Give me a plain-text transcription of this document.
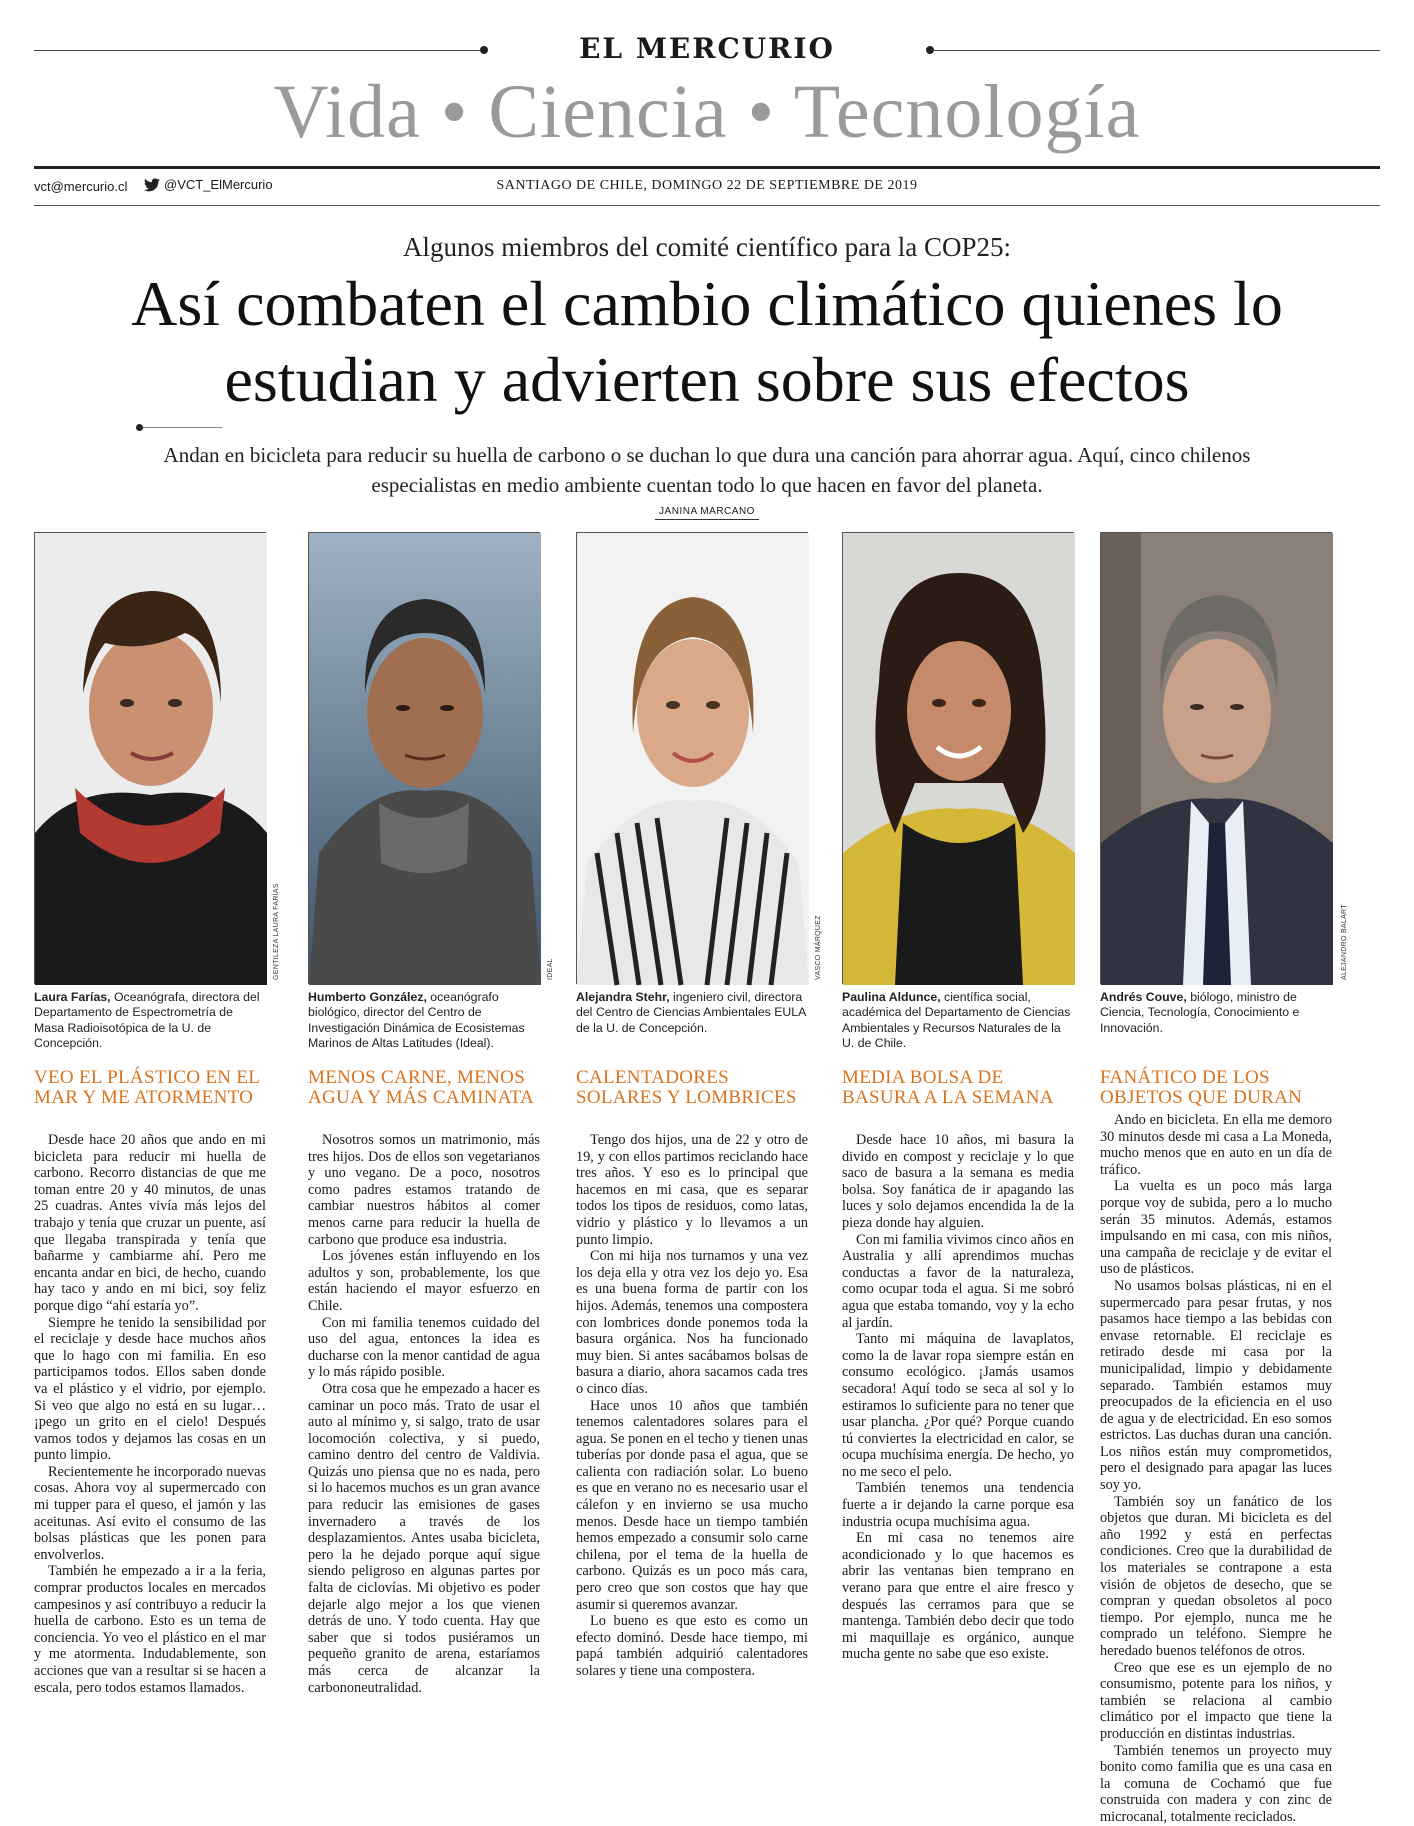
EL MERCURIO
Vida • Ciencia • Tecnología
vct@mercurio.cl	@VCT_ElMercurio	SANTIAGO DE CHILE, DOMINGO 22 DE SEPTIEMBRE DE 2019
Algunos miembros del comité científico para la COP25:
Así combaten el cambio climático quienes lo estudian y advierten sobre sus efectos
Andan en bicicleta para reducir su huella de carbono o se duchan lo que dura una canción para ahorrar agua. Aquí, cinco chilenos especialistas en medio ambiente cuentan todo lo que hacen en favor del planeta.
JANINA MARCANO
GENTILEZA LAURA FARÍAS	IDEAL	VASCO MÁRQUEZ	ALEJANDRO BALART
Laura Farías, Oceanógrafa, directora del Departamento de Espectrometría de Masa Radioisotópica de la U. de Concepción.
Humberto González, oceanógrafo biológico, director del Centro de Investigación Dinámica de Ecosistemas Marinos de Altas Latitudes (Ideal).
Alejandra Stehr, ingeniero civil, directora del Centro de Ciencias Ambientales EULA de la U. de Concepción.
Paulina Aldunce, científica social, académica del Departamento de Ciencias Ambientales y Recursos Naturales de la U. de Chile.
Andrés Couve, biólogo, ministro de Ciencia, Tecnología, Conocimiento e Innovación.
VEO EL PLÁSTICO EN EL MAR Y ME ATORMENTO
MENOS CARNE, MENOS AGUA Y MÁS CAMINATA
CALENTADORES SOLARES Y LOMBRICES
MEDIA BOLSA DE BASURA A LA SEMANA
FANÁTICO DE LOS OBJETOS QUE DURAN

Desde hace 20 años que ando en mi bicicleta para reducir mi huella de carbono. Recorro distancias de que me toman entre 20 y 40 minutos, de unas 25 cuadras. Antes vivía más lejos del trabajo y tenía que cruzar un puente, así que llegaba transpirada y tenía que bañarme y cambiarme ahí. Pero me encanta andar en bici, de hecho, cuando hay taco y ando en mi bici, soy feliz porque digo “ahí estaría yo”.

Siempre he tenido la sensibilidad por el reciclaje y desde hace muchos años que lo hago con mi familia. En eso participamos todos. Ellos saben donde va el plástico y el vidrio, por ejemplo. Si veo que algo no está en su lugar… ¡pego un grito en el cielo! Después vamos todos y dejamos las cosas en un punto limpio.

Recientemente he incorporado nuevas cosas. Ahora voy al supermercado con mi tupper para el queso, el jamón y las aceitunas. Así evito el consumo de las bolsas plásticas que les ponen para envolverlos.

También he empezado a ir a la feria, comprar productos locales en mercados campesinos y así contribuyo a reducir la huella de carbono. Esto es un tema de conciencia. Yo veo el plástico en el mar y me atormenta. Indudablemente, son acciones que van a resultar si se hacen a escala, pero todos estamos llamados.

Nosotros somos un matrimonio, más tres hijos. Dos de ellos son vegetarianos y uno vegano. De a poco, nosotros como padres estamos tratando de cambiar nuestros hábitos al comer menos carne para reducir la huella de carbono que produce esa industria.

Los jóvenes están influyendo en los adultos y son, probablemente, los que están haciendo el mayor esfuerzo en Chile.

Con mi familia tenemos cuidado del uso del agua, entonces la idea es ducharse con la menor cantidad de agua y lo más rápido posible.

Otra cosa que he empezado a hacer es caminar un poco más. Trato de usar el auto al mínimo y, si salgo, trato de usar locomoción colectiva, y si puedo, camino dentro del centro de Valdivia. Quizás uno piensa que no es nada, pero si lo hacemos muchos es un gran avance para reducir las emisiones de gases invernadero a través de los desplazamientos. Antes usaba bicicleta, pero la he dejado porque aquí sigue siendo peligroso en algunas partes por falta de ciclovías. Mi objetivo es poder dejarle algo mejor a los que vienen detrás de uno. Y todo cuenta. Hay que saber que si todos pusiéramos un pequeño granito de arena, estaríamos más cerca de alcanzar la carbononeutralidad.

Tengo dos hijos, una de 22 y otro de 19, y con ellos partimos reciclando hace tres años. Y eso es lo principal que hacemos en mi casa, que es separar todos los tipos de residuos, como latas, vidrio y plástico y lo llevamos a un punto limpio.

Con mi hija nos turnamos y una vez los deja ella y otra vez los dejo yo. Esa es una buena forma de partir con los hijos. Además, tenemos una compostera con lombrices donde ponemos toda la basura orgánica. Nos ha funcionado muy bien. Si antes sacábamos bolsas de basura a diario, ahora sacamos cada tres o cinco días.

Hace unos 10 años que también tenemos calentadores solares para el agua. Se ponen en el techo y tienen unas tuberías por donde pasa el agua, que se calienta con radiación solar. Lo bueno es que en verano no es necesario usar el cálefon y en invierno se usa mucho menos. Desde hace un tiempo también hemos empezado a consumir solo carne chilena, por el tema de la huella de carbono. Quizás es un poco más cara, pero creo que son costos que hay que asumir si queremos avanzar.

Lo bueno es que esto es como un efecto dominó. Desde hace tiempo, mi papá también adquirió calentadores solares y tiene una compostera.

Desde hace 10 años, mi basura la divido en compost y reciclaje y lo que saco de basura a la semana es media bolsa. Soy fanática de ir apagando las luces y solo dejamos encendida la de la pieza donde hay alguien.

Con mi familia vivimos cinco años en Australia y allí aprendimos muchas conductas a favor de la naturaleza, como ocupar toda el agua. Si me sobró agua que estaba tomando, voy y la echo al jardín.

Tanto mi máquina de lavaplatos, como la de lavar ropa siempre están en consumo ecológico. ¡Jamás usamos secadora! Aquí todo se seca al sol y lo estiramos lo suficiente para no tener que usar plancha. ¿Por qué? Porque cuando tú conviertes la electricidad en calor, se ocupa muchísima energía. De hecho, yo no me seco el pelo.

También tenemos una tendencia fuerte a ir dejando la carne porque esa industria ocupa muchísima agua.

En mi casa no tenemos aire acondicionado y lo que hacemos es abrir las ventanas bien temprano en verano para que entre el aire fresco y después las cerramos para que se mantenga. También debo decir que todo mi maquillaje es orgánico, aunque mucha gente no sabe que eso existe.

Ando en bicicleta. En ella me demoro 30 minutos desde mi casa a La Moneda, mucho menos que en auto en un día de tráfico.

La vuelta es un poco más larga porque voy de subida, pero a lo mucho serán 35 minutos. Además, estamos impulsando en mi casa, con mis niños, una campaña de reciclaje y de evitar el uso de plásticos.

No usamos bolsas plásticas, ni en el supermercado para pesar frutas, y nos pasamos hace tiempo a las bebidas con envase retornable. El reciclaje es retirado desde mi casa por la municipalidad, limpio y debidamente separado. También estamos muy preocupados de la eficiencia en el uso de agua y de electricidad. En eso somos estrictos. Las duchas duran una canción. Los niños están muy comprometidos, pero el designado para apagar las luces soy yo.

También soy un fanático de los objetos que duran. Mi bicicleta es del año 1992 y está en perfectas condiciones. Creo que la durabilidad de los materiales se contrapone a esta visión de objetos de desecho, que se compran y quedan obsoletos al poco tiempo. Por ejemplo, nunca me he comprado un teléfono. Siempre he heredado buenos teléfonos de otros.

Creo que ese es un ejemplo de no consumismo, potente para los niños, y también se relaciona al cambio climático por el impacto que tiene la producción en distintas industrias.

También tenemos un proyecto muy bonito como familia que es una casa en la comuna de Cochamó que fue construida con madera y con zinc de microcanal, totalmente reciclados.
